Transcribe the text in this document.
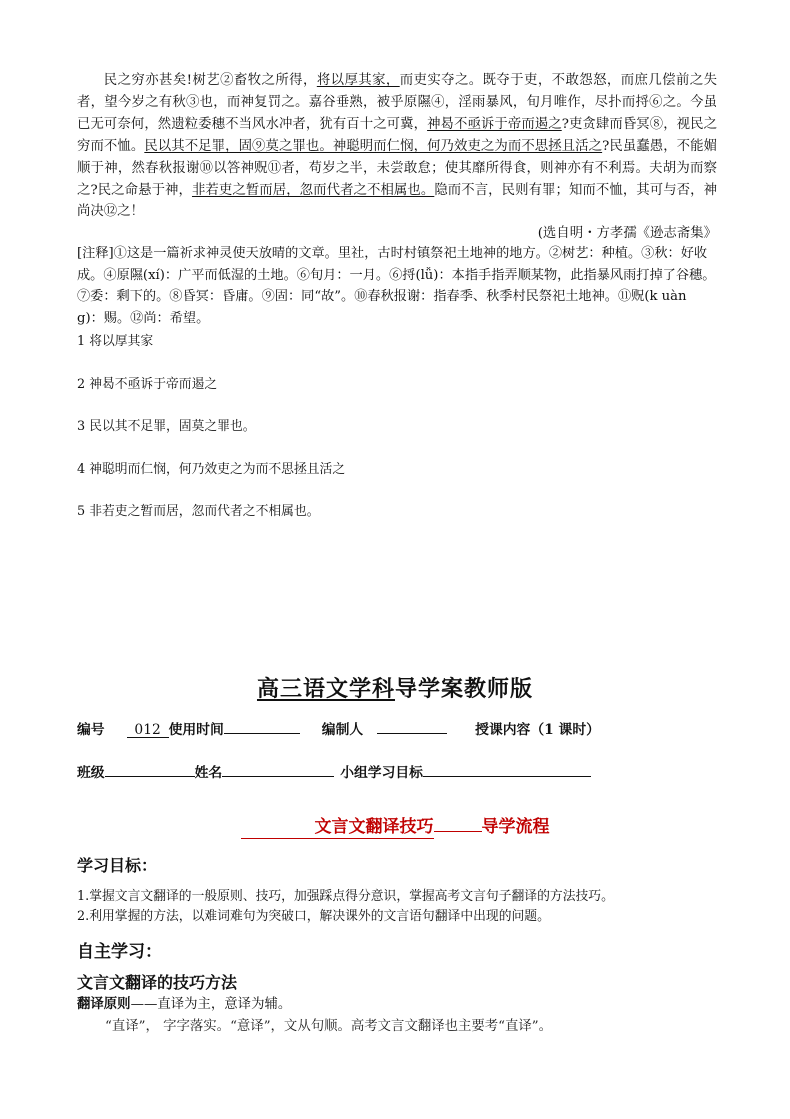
民之穷亦甚矣!树艺②畜牧之所得，将以厚其家，而吏实夺之。既夺于吏，不敢怨怒，而庶几偿前之失者，望今岁之有秋③也，而神复罚之。嘉谷垂熟，被乎原隰④，淫雨暴风，旬月唯作，尽扑而捋⑥之。今虽已无可奈何，然遗粒委穗不当风水冲者，犹有百十之可冀，神曷不亟诉于帝而遏之?吏贪肆而昏冥⑧，视民之穷而不恤。民以其不足罪，固⑨莫之罪也。神聪明而仁悯，何乃效吏之为而不思拯且活之?民虽蠢愚，不能媚顺于神，然春秋报谢⑩以答神贶⑪者，苟岁之半，未尝敢怠；使其靡所得食，则神亦有不利焉。夫胡为而察之?民之命悬于神，非若吏之暂而居，忽而代者之不相属也。隐而不言，民则有罪；知而不恤，其可与否，神尚决⑫之！

(选自明・方孝孺《逊志斋集》
[注释]①这是一篇祈求神灵使天放晴的文章。里社，古时村镇祭祀土地神的地方。②树艺：种植。③秋：好收成。④原隰(xí)：广平而低湿的土地。⑥旬月：一月。⑥捋(lǚ)：本指手指弄顺某物，此指暴风雨打掉了谷穗。⑦委：剩下的。⑧昏冥：昏庸。⑨固：同“故”。⑩春秋报谢：指春季、秋季村民祭祀土地神。⑪贶(k uàn g)：赐。⑫尚：希望。
1 将以厚其家
2 神曷不亟诉于帝而遏之
3 民以其不足罪，固莫之罪也。
4 神聪明而仁悯，何乃效吏之为而不思拯且活之
5 非若吏之暂而居，忽而代者之不相属也。
高三语文学科导学案教师版
编号 012 使用时间	编制人	授课内容（1 课时）
班级	姓名	小组学习目标
文言文翻译技巧	导学流程
学习目标：
1.掌握文言文翻译的一般原则、技巧，加强踩点得分意识，掌握高考文言句子翻译的方法技巧。
2.利用掌握的方法，以难词难句为突破口，解决课外的文言语句翻译中出现的问题。
自主学习：
文言文翻译的技巧方法
翻译原则——直译为主，意译为辅。
“直译”， 字字落实。“意译”，文从句顺。高考文言文翻译也主要考“直译”。
